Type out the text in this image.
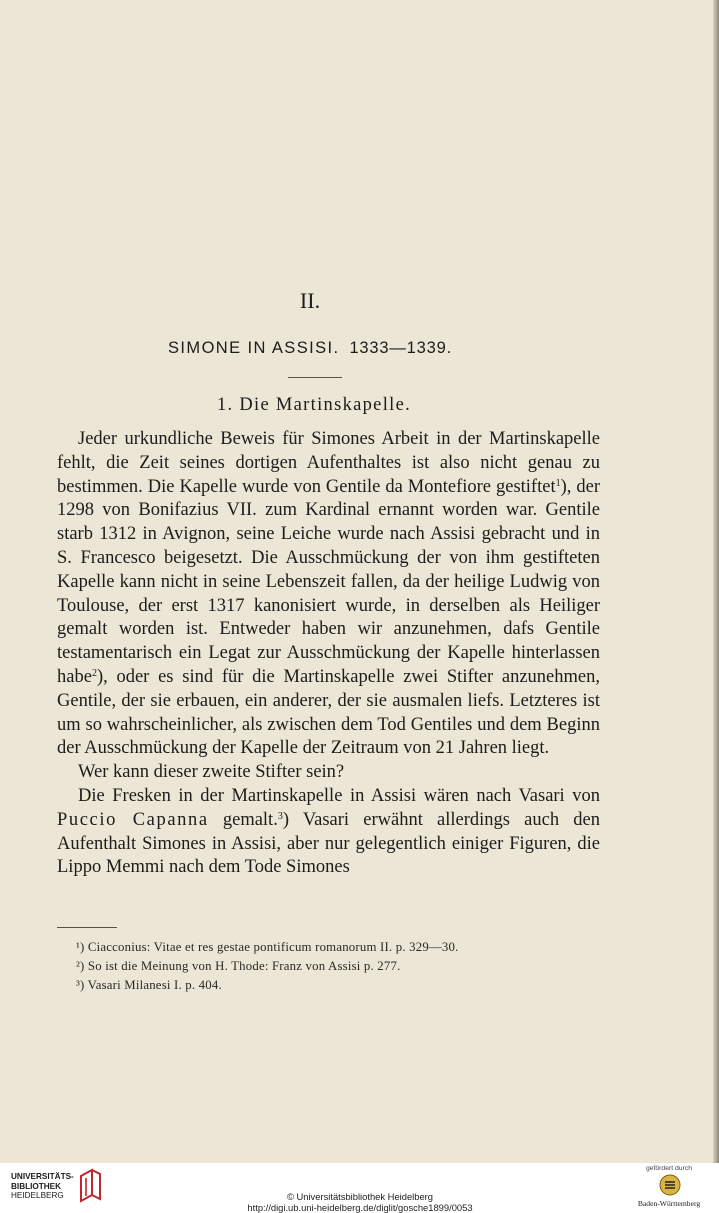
II.
SIMONE IN ASSISI. 1333—1339.
1. Die Martinskapelle.

Jeder urkundliche Beweis für Simones Arbeit in der Martinskapelle fehlt, die Zeit seines dortigen Aufenthaltes ist also nicht genau zu bestimmen. Die Kapelle wurde von Gentile da Montefiore gestiftet$^1$), der 1298 von Bonifazius VII. zum Kardinal ernannt worden war. Gentile starb 1312 in Avignon, seine Leiche wurde nach Assisi gebracht und in S. Francesco beigesetzt. Die Ausschmückung der von ihm gestifteten Kapelle kann nicht in seine Lebenszeit fallen, da der heilige Ludwig von Toulouse, der erst 1317 kanonisiert wurde, in derselben als Heiliger gemalt worden ist. Entweder haben wir anzunehmen, dafs Gentile testamentarisch ein Legat zur Ausschmückung der Kapelle hinterlassen habe$^2$), oder es sind für die Martinskapelle zwei Stifter anzunehmen, Gentile, der sie erbauen, ein anderer, der sie ausmalen liefs. Letzteres ist um so wahrscheinlicher, als zwischen dem Tod Gentiles und dem Beginn der Ausschmückung der Kapelle der Zeitraum von 21 Jahren liegt.

Wer kann dieser zweite Stifter sein?

Die Fresken in der Martinskapelle in Assisi wären nach Vasari von Puccio Capanna gemalt.$^3$) Vasari erwähnt allerdings auch den Aufenthalt Simones in Assisi, aber nur gelegentlich einiger Figuren, die Lippo Memmi nach dem Tode Simones

¹) Ciacconius: Vitae et res gestae pontificum romanorum II. p. 329—30.
²) So ist die Meinung von H. Thode: Franz von Assisi p. 277.
³) Vasari Milanesi I. p. 404.
UNIVERSITÄTS-
BIBLIOTHEK
HEIDELBERG	© Universitätsbibliothek Heidelberg
http://digi.ub.uni-heidelberg.de/diglit/gosche1899/0053
gefördert durch
Baden-Württemberg
